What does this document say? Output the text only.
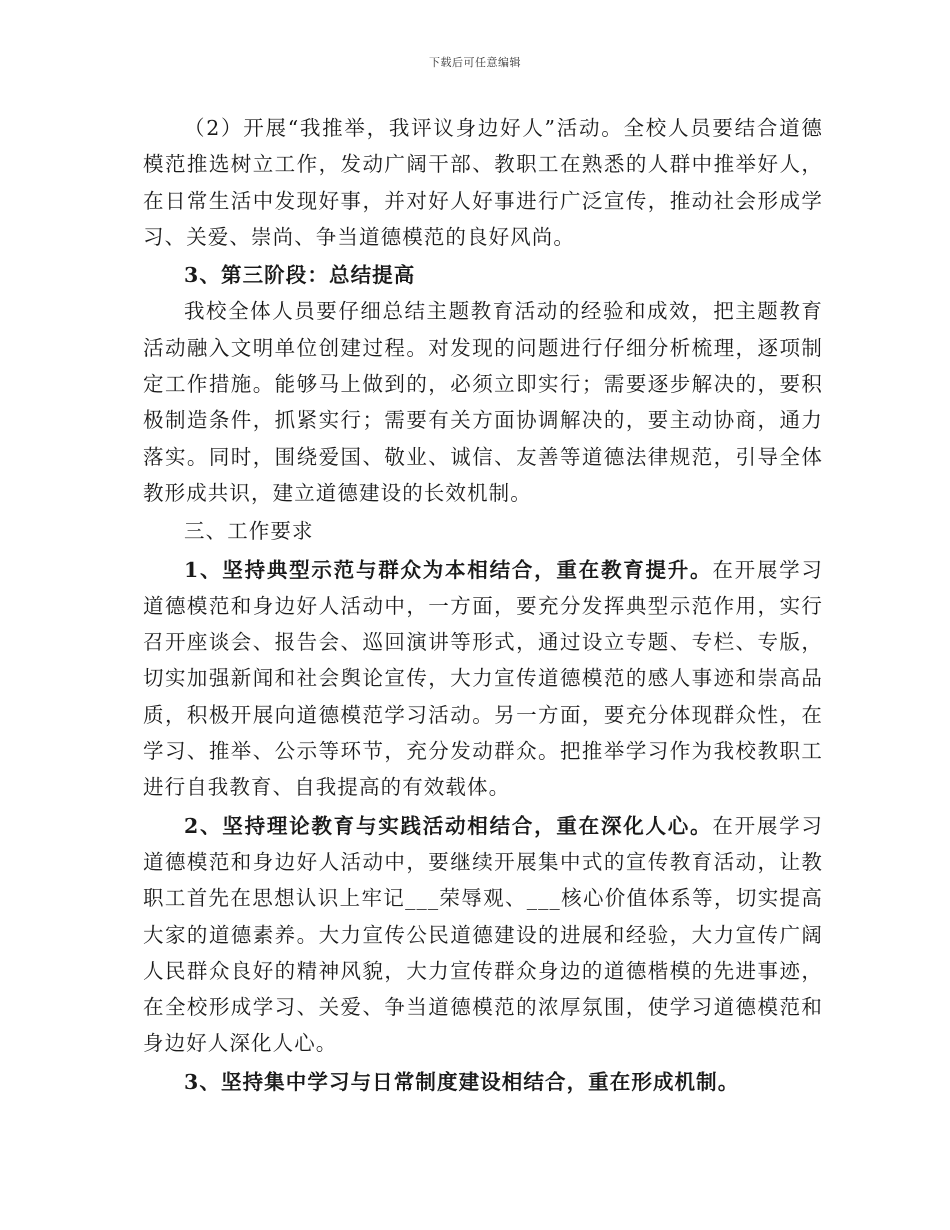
下载后可任意编辑

（2）开展“我推举，我评议身边好人”活动。全校人员要结合道德模范推选树立工作，发动广阔干部、教职工在熟悉的人群中推举好人，在日常生活中发现好事，并对好人好事进行广泛宣传，推动社会形成学习、关爱、崇尚、争当道德模范的良好风尚。

3、第三阶段：总结提高

我校全体人员要仔细总结主题教育活动的经验和成效，把主题教育活动融入文明单位创建过程。对发现的问题进行仔细分析梳理，逐项制定工作措施。能够马上做到的，必须立即实行；需要逐步解决的，要积极制造条件，抓紧实行；需要有关方面协调解决的，要主动协商，通力落实。同时，围绕爱国、敬业、诚信、友善等道德法律规范，引导全体教形成共识，建立道德建设的长效机制。

三、工作要求

1、坚持典型示范与群众为本相结合，重在教育提升。在开展学习道德模范和身边好人活动中，一方面，要充分发挥典型示范作用，实行召开座谈会、报告会、巡回演讲等形式，通过设立专题、专栏、专版，切实加强新闻和社会舆论宣传，大力宣传道德模范的感人事迹和崇高品质，积极开展向道德模范学习活动。另一方面，要充分体现群众性，在学习、推举、公示等环节，充分发动群众。把推举学习作为我校教职工进行自我教育、自我提高的有效载体。

2、坚持理论教育与实践活动相结合，重在深化人心。在开展学习道德模范和身边好人活动中，要继续开展集中式的宣传教育活动，让教职工首先在思想认识上牢记___荣辱观、___核心价值体系等，切实提高大家的道德素养。大力宣传公民道德建设的进展和经验，大力宣传广阔人民群众良好的精神风貌，大力宣传群众身边的道德楷模的先进事迹，在全校形成学习、关爱、争当道德模范的浓厚氛围，使学习道德模范和身边好人深化人心。

3、坚持集中学习与日常制度建设相结合，重在形成机制。
